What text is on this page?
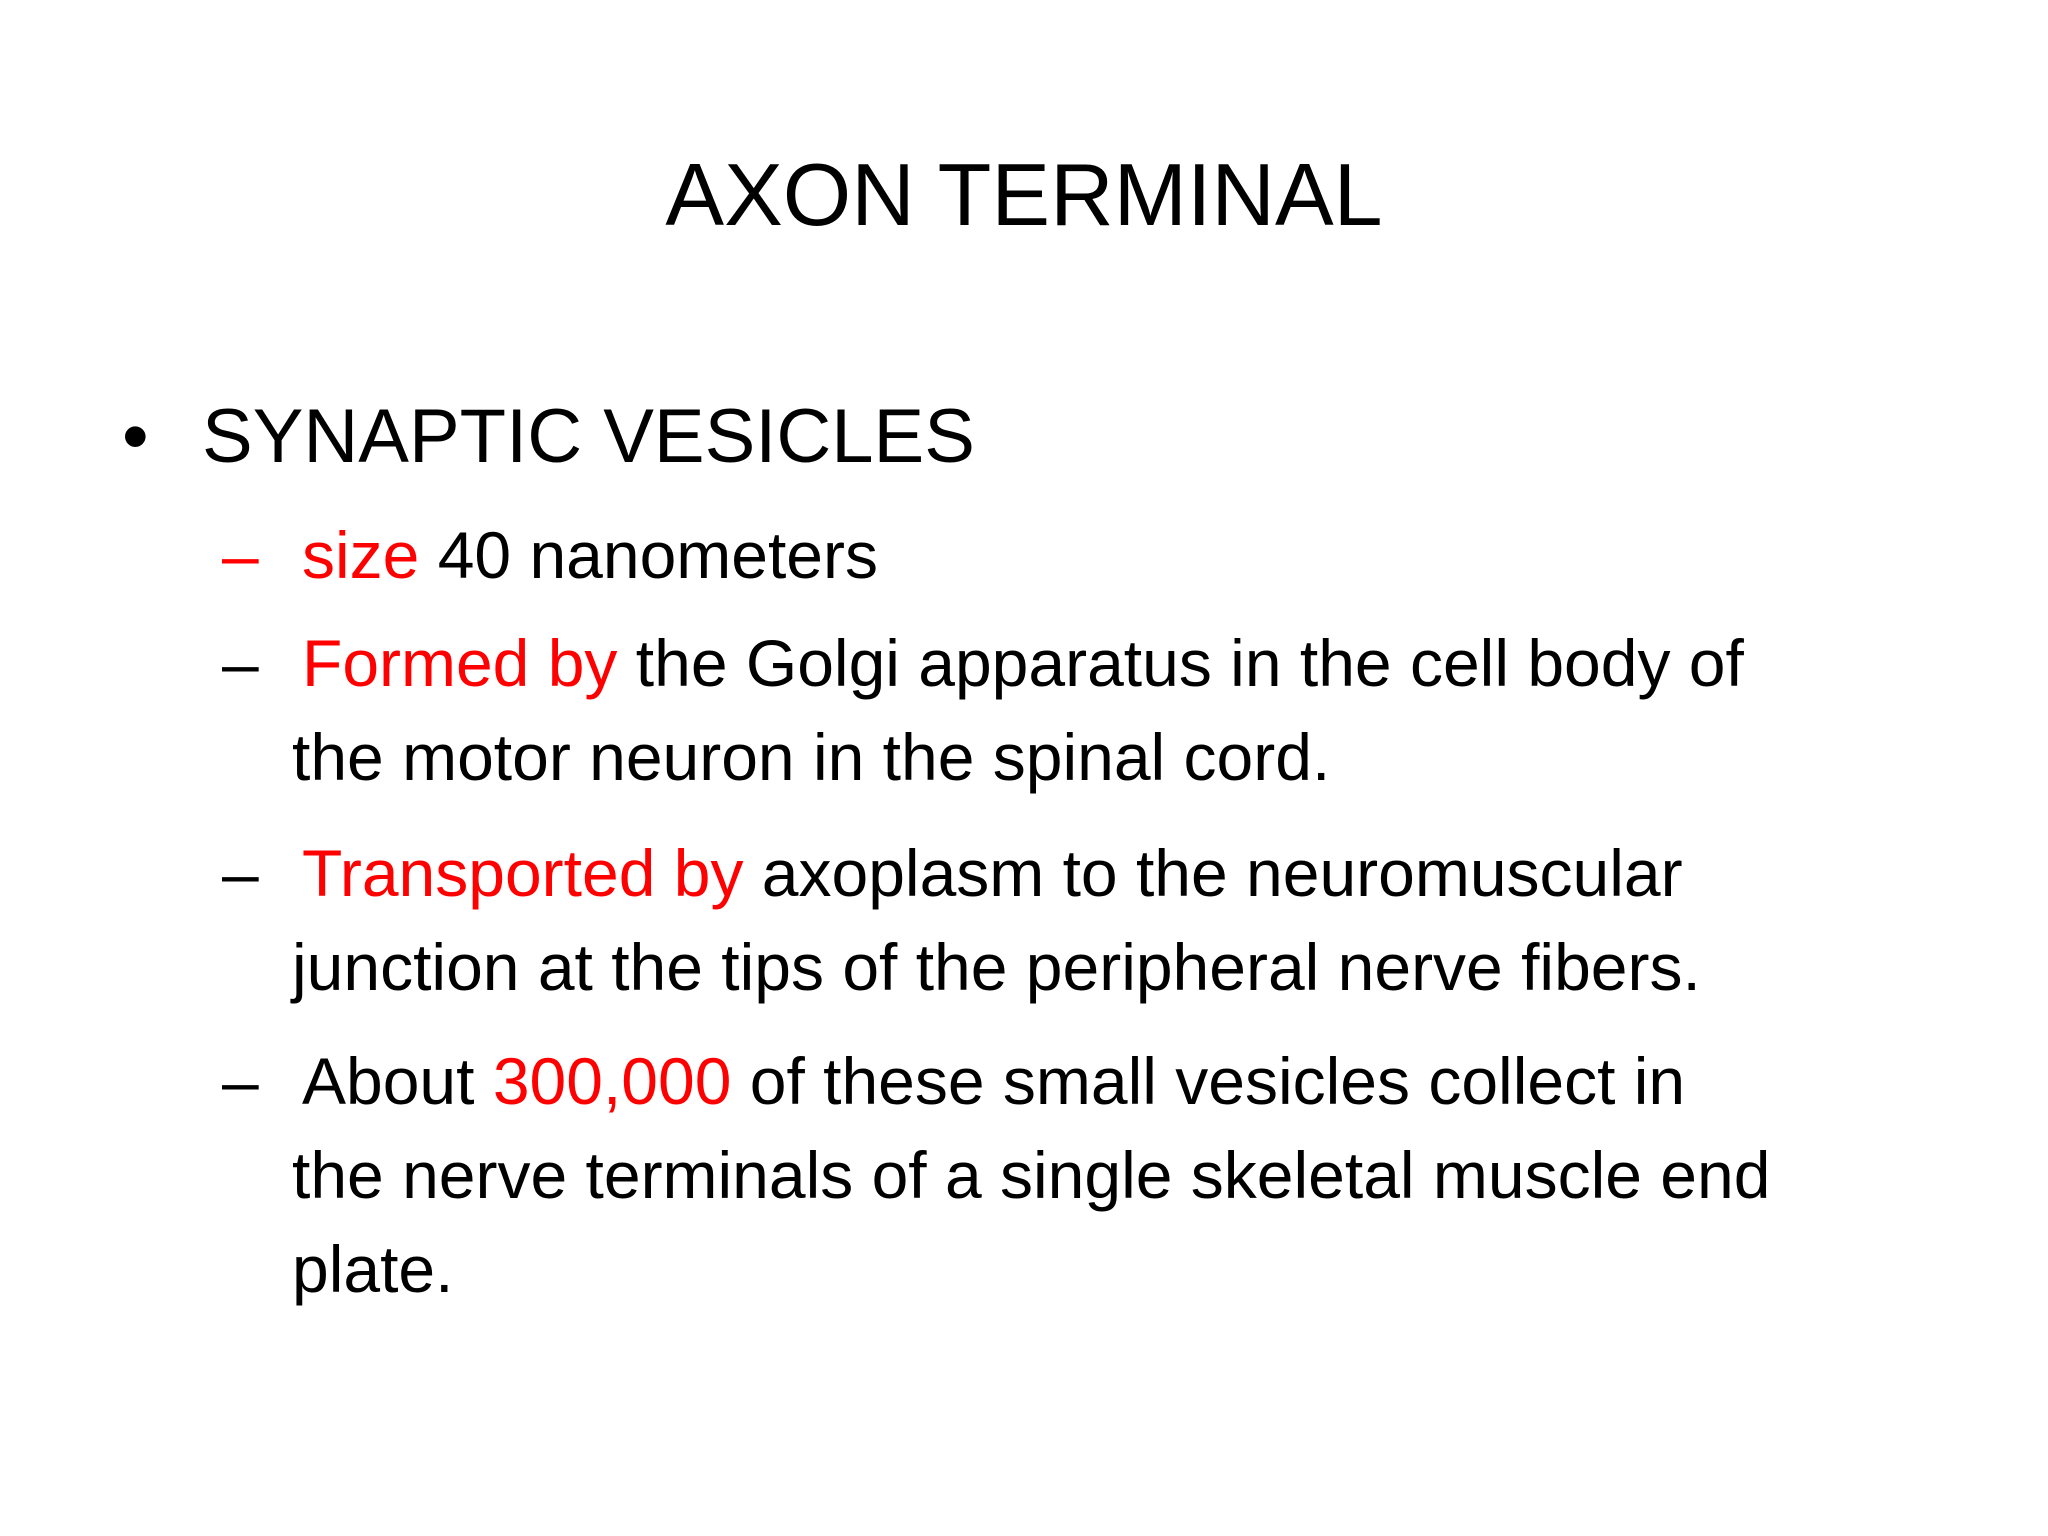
AXON TERMINAL
• SYNAPTIC VESICLES
– size 40 nanometers
– Formed by the Golgi apparatus in the cell body of
the motor neuron in the spinal cord.
– Transported by axoplasm to the neuromuscular
junction at the tips of the peripheral nerve fibers.
– About 300,000 of these small vesicles collect in
the nerve terminals of a single skeletal muscle end
plate.
